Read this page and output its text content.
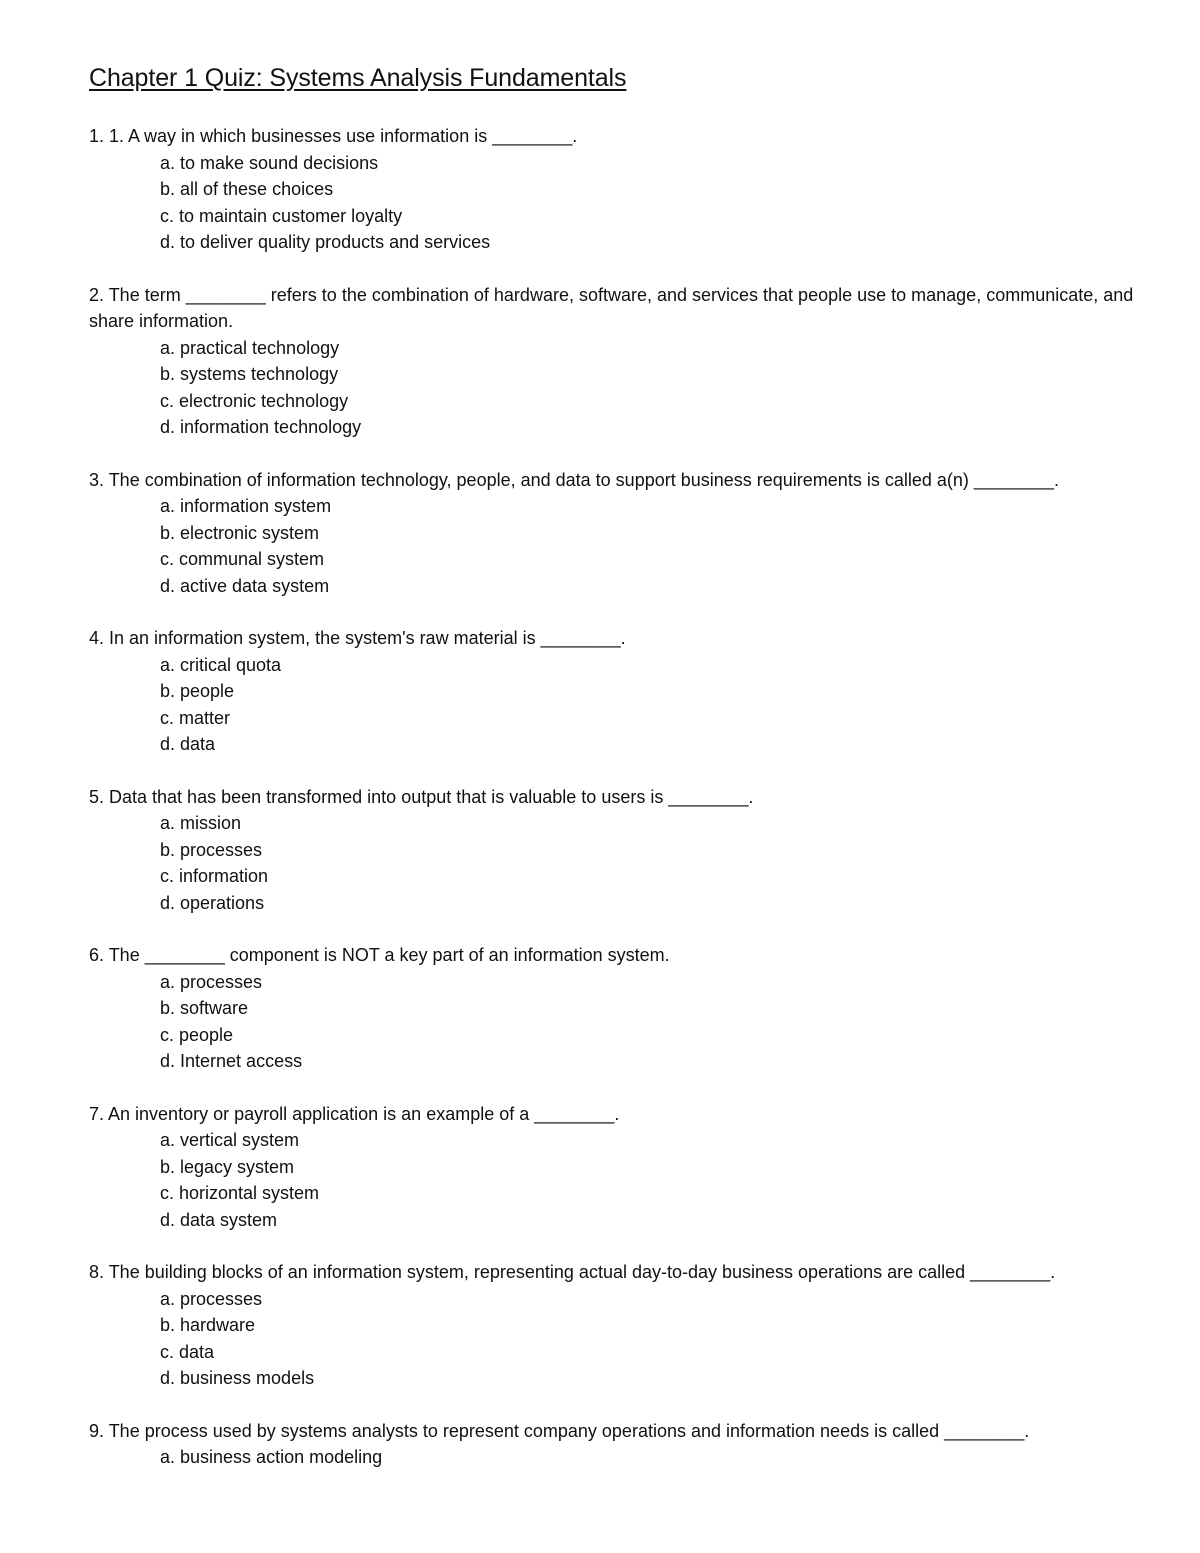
Chapter 1 Quiz: Systems Analysis Fundamentals
1. 1. A way in which businesses use information is ________.
a. to make sound decisions
b. all of these choices
c. to maintain customer loyalty
d. to deliver quality products and services
2. The term ________ refers to the combination of hardware, software, and services that people use to manage, communicate, and share information.
a. practical technology
b. systems technology
c. electronic technology
d. information technology
3. The combination of information technology, people, and data to support business requirements is called a(n) ________.
a. information system
b. electronic system
c. communal system
d. active data system
4. In an information system, the system's raw material is ________.
a. critical quota
b. people
c. matter
d. data
5. Data that has been transformed into output that is valuable to users is ________.
a. mission
b. processes
c. information
d. operations
6. The ________ component is NOT a key part of an information system.
a. processes
b. software
c. people
d. Internet access
7. An inventory or payroll application is an example of a ________.
a. vertical system
b. legacy system
c. horizontal system
d. data system
8. The building blocks of an information system, representing actual day-to-day business operations are called ________.
a. processes
b. hardware
c. data
d. business models
9. The process used by systems analysts to represent company operations and information needs is called ________.
a. business action modeling
